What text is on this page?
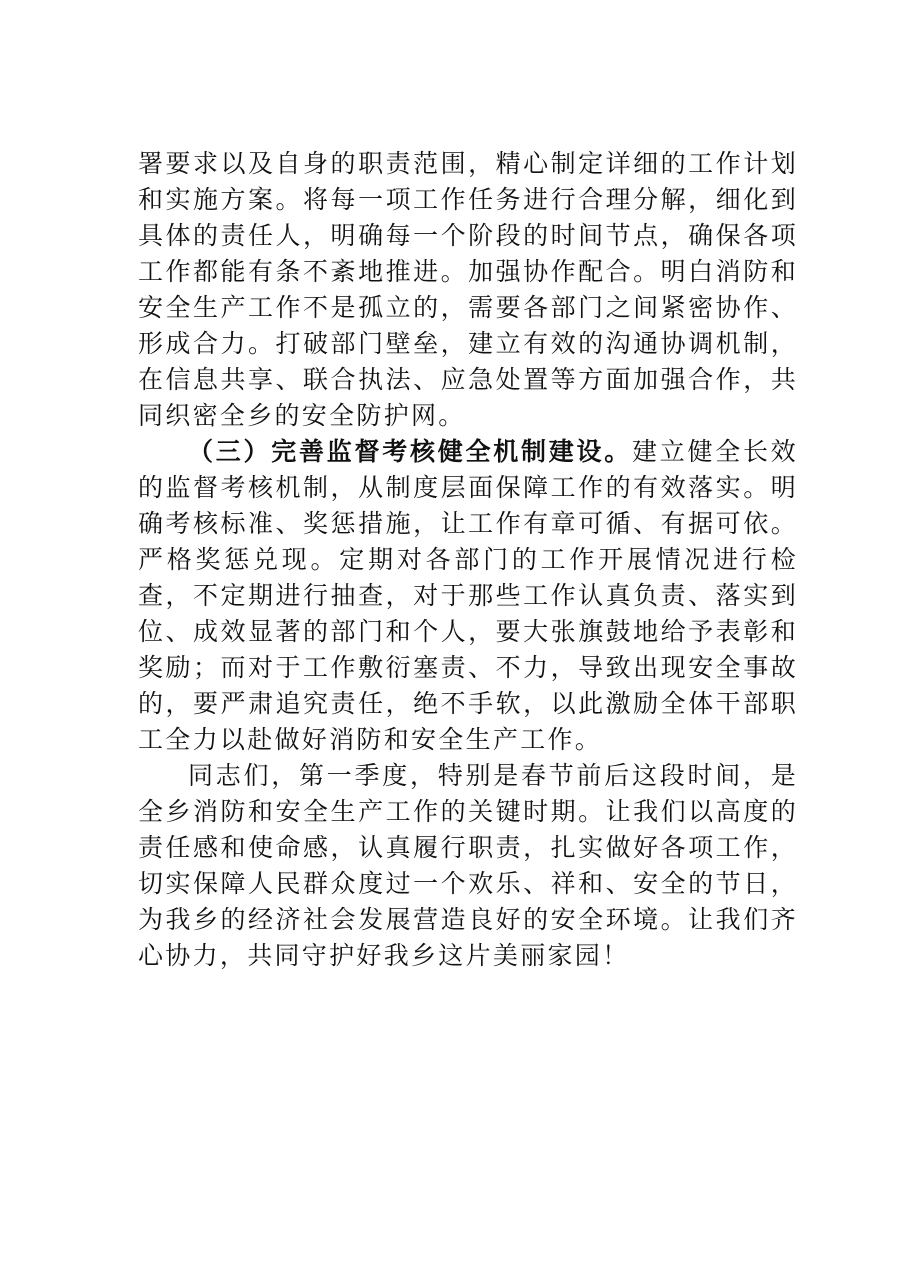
署要求以及自身的职责范围，精心制定详细的工作计划和实施方案。将每一项工作任务进行合理分解，细化到具体的责任人，明确每一个阶段的时间节点，确保各项工作都能有条不紊地推进。加强协作配合。明白消防和安全生产工作不是孤立的，需要各部门之间紧密协作、形成合力。打破部门壁垒，建立有效的沟通协调机制，在信息共享、联合执法、应急处置等方面加强合作，共同织密全乡的安全防护网。

（三）完善监督考核健全机制建设。建立健全长效的监督考核机制，从制度层面保障工作的有效落实。明确考核标准、奖惩措施，让工作有章可循、有据可依。严格奖惩兑现。定期对各部门的工作开展情况进行检查，不定期进行抽查，对于那些工作认真负责、落实到位、成效显著的部门和个人，要大张旗鼓地给予表彰和奖励；而对于工作敷衍塞责、不力，导致出现安全事故的，要严肃追究责任，绝不手软，以此激励全体干部职工全力以赴做好消防和安全生产工作。

同志们，第一季度，特别是春节前后这段时间，是全乡消防和安全生产工作的关键时期。让我们以高度的责任感和使命感，认真履行职责，扎实做好各项工作，切实保障人民群众度过一个欢乐、祥和、安全的节日，为我乡的经济社会发展营造良好的安全环境。让我们齐心协力，共同守护好我乡这片美丽家园！
